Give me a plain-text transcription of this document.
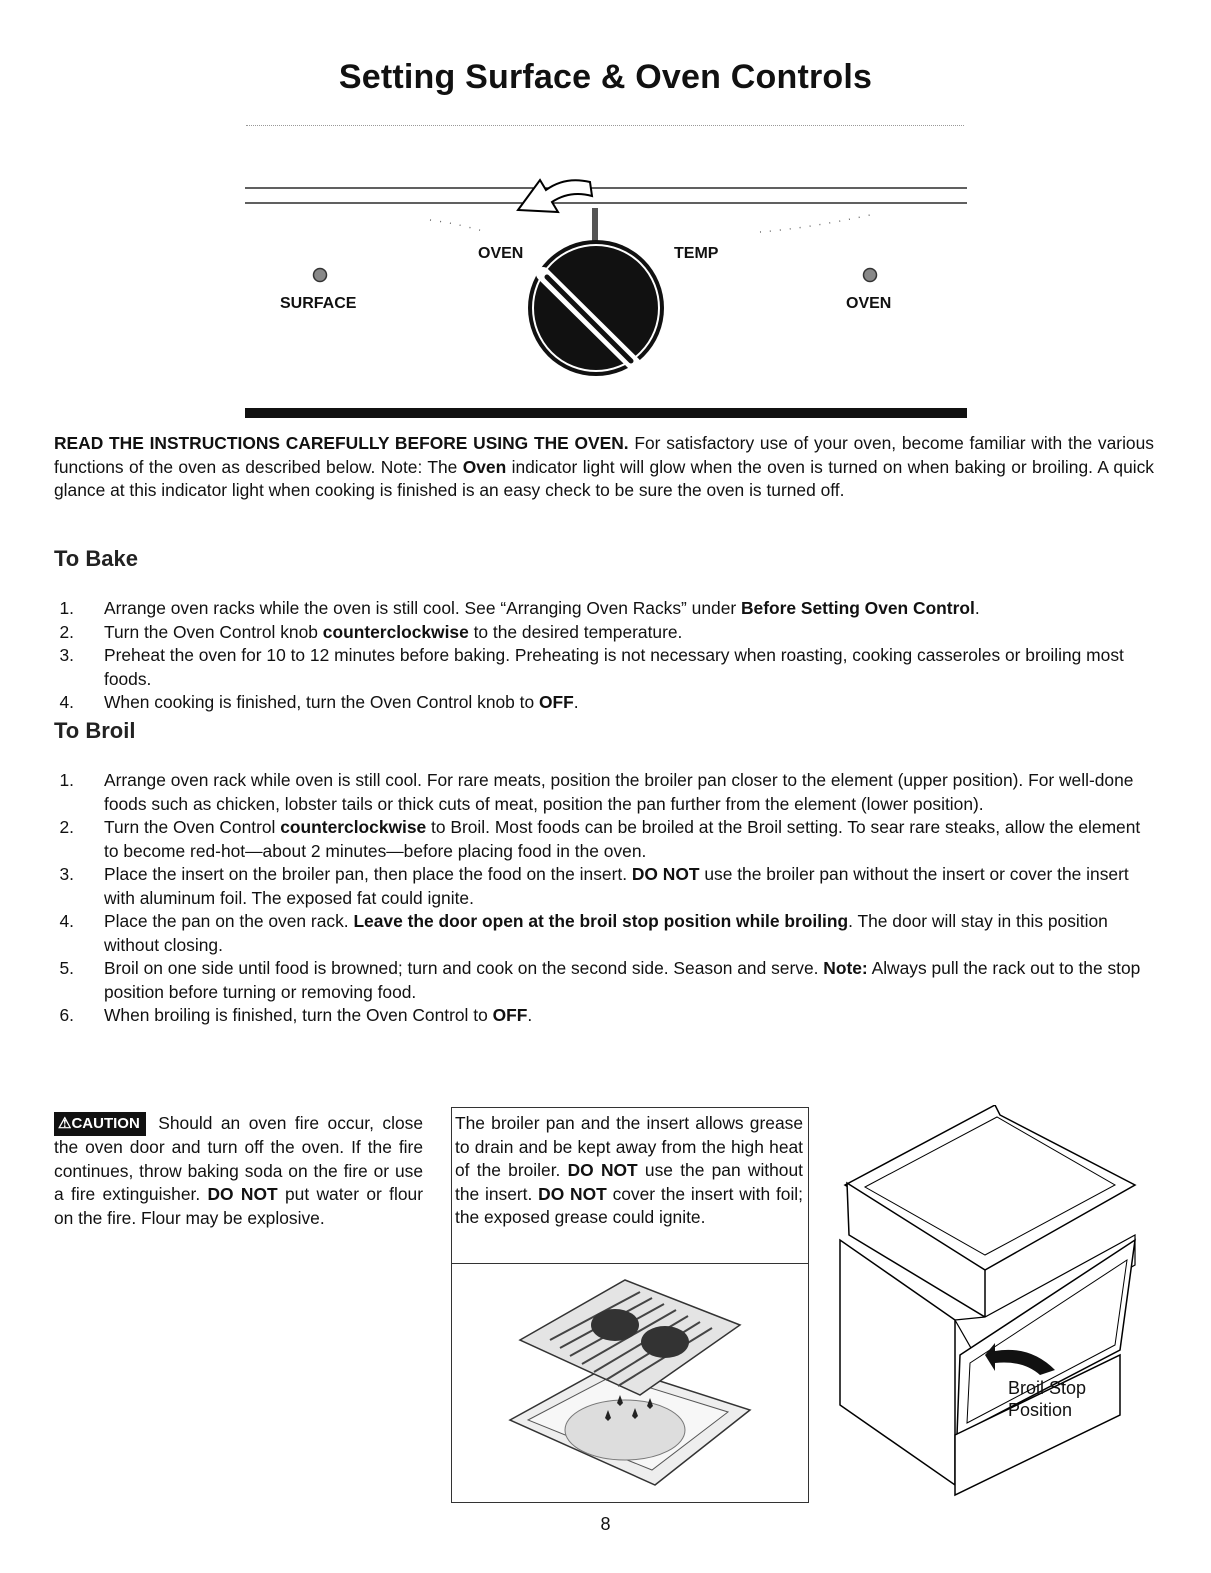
Setting Surface & Oven Controls
OVEN	TEMP
SURFACE	OVEN
READ THE INSTRUCTIONS CAREFULLY BEFORE USING THE OVEN. For satisfactory use of your oven, become familiar with the various functions of the oven as described below. Note: The Oven indicator light will glow when the oven is turned on when baking or broiling. A quick glance at this indicator light when cooking is finished is an easy check to be sure the oven is turned off.
To Bake
1. Arrange oven racks while the oven is still cool. See “Arranging Oven Racks” under Before Setting Oven Control.
2. Turn the Oven Control knob counterclockwise to the desired temperature.
3. Preheat the oven for 10 to 12 minutes before baking. Preheating is not necessary when roasting, cooking casseroles or broiling most foods.
4. When cooking is finished, turn the Oven Control knob to OFF.
To Broil
1. Arrange oven rack while oven is still cool. For rare meats, position the broiler pan closer to the element (upper position). For well-done foods such as chicken, lobster tails or thick cuts of meat, position the pan further from the element (lower position).
2. Turn the Oven Control counterclockwise to Broil. Most foods can be broiled at the Broil setting. To sear rare steaks, allow the element to become red-hot—about 2 minutes—before placing food in the oven.
3. Place the insert on the broiler pan, then place the food on the insert. DO NOT use the broiler pan without the insert or cover the insert with aluminum foil. The exposed fat could ignite.
4. Place the pan on the oven rack. Leave the door open at the broil stop position while broiling. The door will stay in this position without closing.
5. Broil on one side until food is browned; turn and cook on the second side. Season and serve. Note: Always pull the rack out to the stop position before turning or removing food.
6. When broiling is finished, turn the Oven Control to OFF.
⚠CAUTION Should an oven fire occur, close the oven door and turn off the oven. If the fire continues, throw baking soda on the fire or use a fire extinguisher. DO NOT put water or flour on the fire. Flour may be explosive.
The broiler pan and the insert allows grease to drain and be kept away from the high heat of the broiler. DO NOT use the pan without the insert. DO NOT cover the insert with foil; the exposed grease could ignite.
Broil Stop
Position
8
